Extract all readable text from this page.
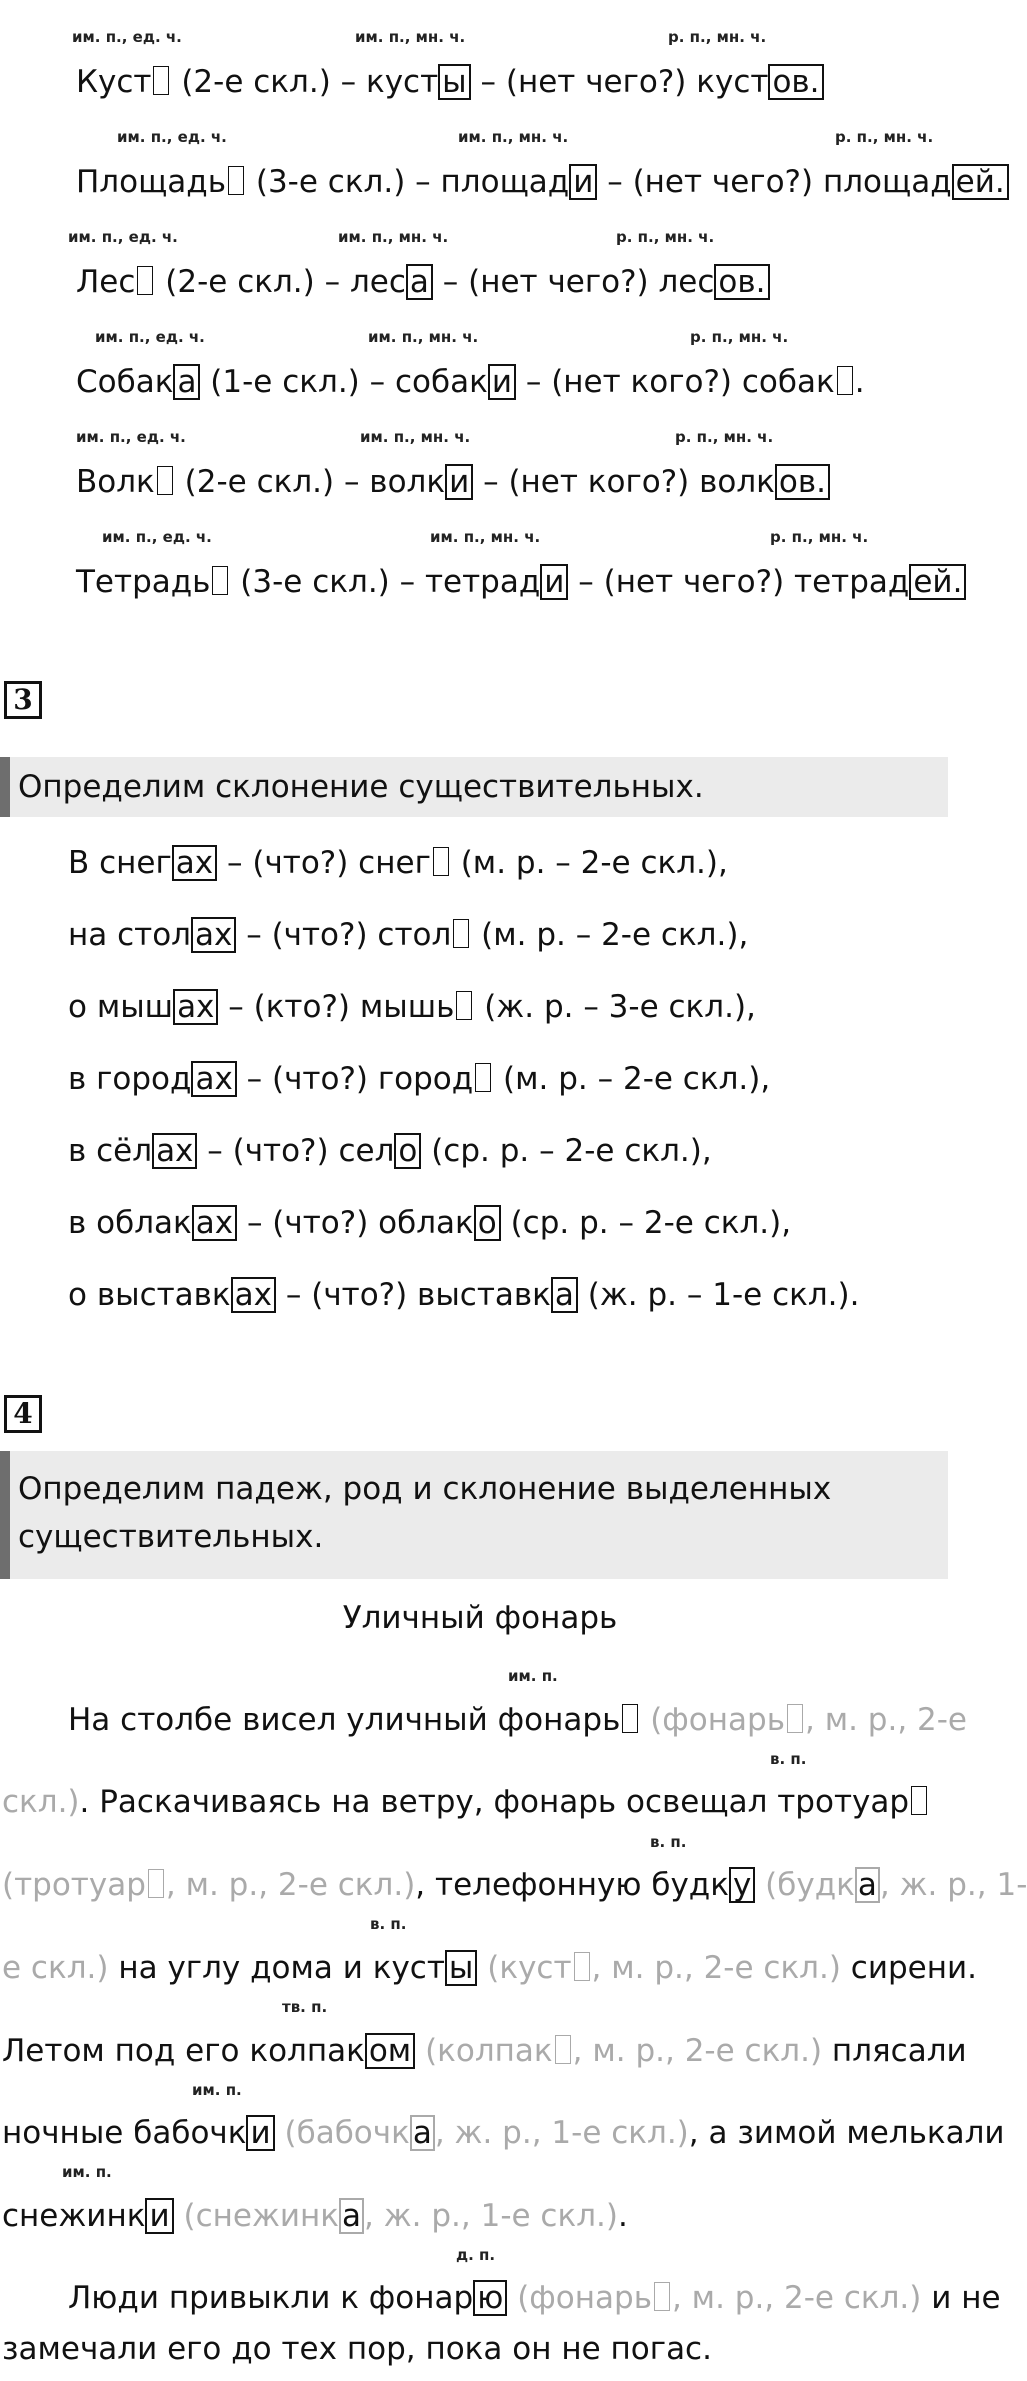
им. п., ед. ч.	им. п., мн. ч.	р. п., мн. ч.
Куст (2-е скл.) – куст ы – (нет чего?) куст ов.
им. п., ед. ч.	им. п., мн. ч.	р. п., мн. ч.
Площадь (3-е скл.) – площад и – (нет чего?) площад ей.
им. п., ед. ч.	им. п., мн. ч.	р. п., мн. ч.
Лес (2-е скл.) – лес а – (нет чего?) лес ов.
им. п., ед. ч.	им. п., мн. ч.	р. п., мн. ч.
Собак а (1-е скл.) – собак и – (нет кого?) собак .
им. п., ед. ч.	им. п., мн. ч.	р. п., мн. ч.
Волк (2-е скл.) – волк и – (нет кого?) волк ов.
им. п., ед. ч.	им. п., мн. ч.	р. п., мн. ч.
Тетрадь (3-е скл.) – тетрад и – (нет чего?) тетрад ей.
3
Определим склонение существительных.
В снег ах – (что?) снег (м. р. – 2-е скл.),
на стол ах – (что?) стол (м. р. – 2-е скл.),
о мыш ах – (кто?) мышь (ж. р. – 3-е скл.),
в город ах – (что?) город (м. р. – 2-е скл.),
в сёл ах – (что?) сел о (ср. р. – 2-е скл.),
в облак ах – (что?) облак о (ср. р. – 2-е скл.),
о выставк ах – (что?) выставк а (ж. р. – 1-е скл.).
4
Определим падеж, род и склонение выделенных
существительных.
Уличный фонарь
им. п.
На столбе висел уличный фонарь (фонарь , м. р., 2-е
в. п.
скл.). Раскачиваясь на ветру, фонарь освещал тротуар
в. п.
(тротуар , м. р., 2-е скл.), телефонную будк у (будка, ж. р., 1-
в. п.
е скл.) на углу дома и куст ы (куст , м. р., 2-е скл.) сирени.
тв. п.
Летом под его колпак ом (колпак , м. р., 2-е скл.) плясали
им. п.
ночные бабочк и (бабочка, ж. р., 1-е скл.), а зимой мелькали
им. п.
снежинк и (снежинка, ж. р., 1-е скл.).
д. п.
Люди привыкли к фонар ю (фонарь , м. р., 2-е скл.) и не
замечали его до тех пор, пока он не погас.
